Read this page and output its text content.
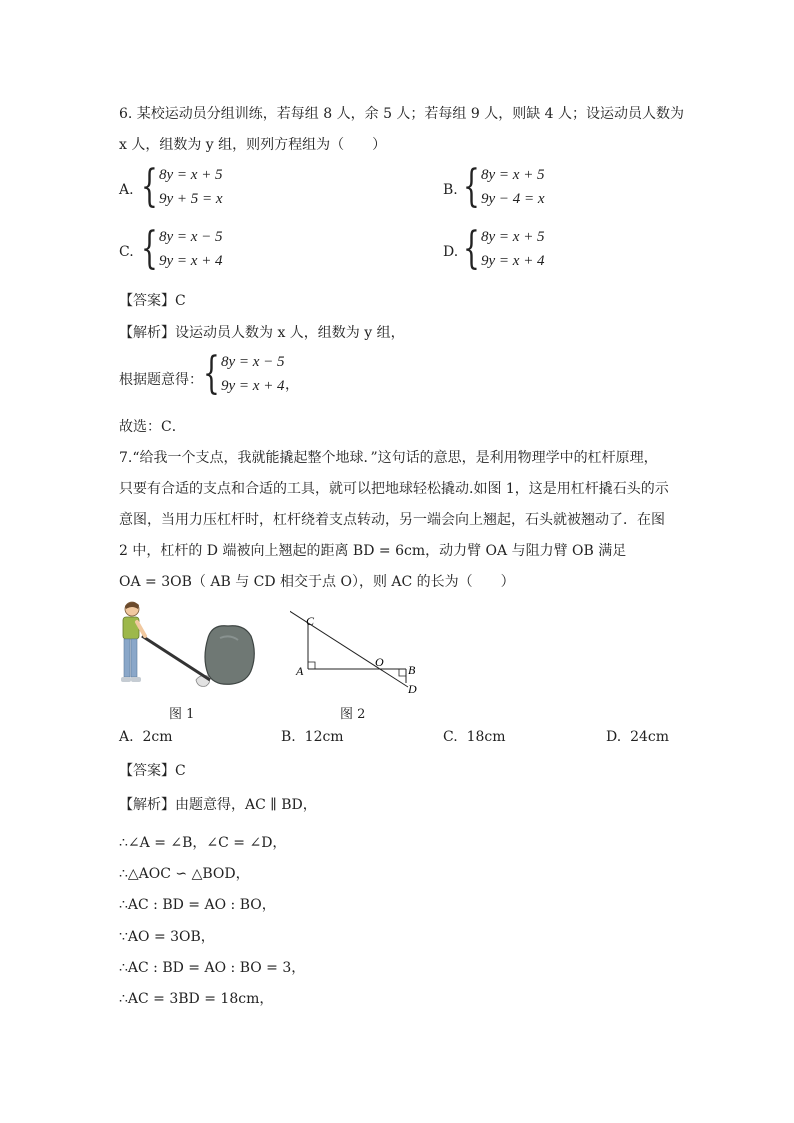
6. 某校运动员分组训练，若每组 8 人，余 5 人；若每组 9 人，则缺 4 人；设运动员人数为
x 人，组数为 y 组，则列方程组为（　　）
A. { 8y = x + 5
9y + 5 = x
B. { 8y = x + 5
9y − 4 = x
C. { 8y = x − 5
9y = x + 4
D. { 8y = x + 5
9y = x + 4
【答案】C
【解析】设运动员人数为 x 人，组数为 y 组，
根据题意得： { 8y = x − 5
9y = x + 4 ，
故选：C．
7.“给我一个支点，我就能撬起整个地球．”这句话的意思，是利用物理学中的杠杆原理，
只要有合适的支点和合适的工具，就可以把地球轻松撬动.如图 1，这是用杠杆撬石头的示
意图，当用力压杠杆时，杠杆绕着支点转动，另一端会向上翘起，石头就被翘动了．在图
2 中，杠杆的 D 端被向上翘起的距离 BD = 6cm，动力臂 OA 与阻力臂 OB 满足
OA = 3OB（ AB 与 CD 相交于点 O），则 AC 的长为（　　）
图 1
C
A
O
B
D
图 2
A. 2cm	B. 12cm	C. 18cm	D. 24cm
【答案】C
【解析】由题意得，AC ∥ BD，
∴∠A = ∠B，∠C = ∠D，
∴△AOC ∽ △BOD，
∴AC : BD = AO : BO，
∵AO = 3OB，
∴AC : BD = AO : BO = 3，
∴AC = 3BD = 18cm，
